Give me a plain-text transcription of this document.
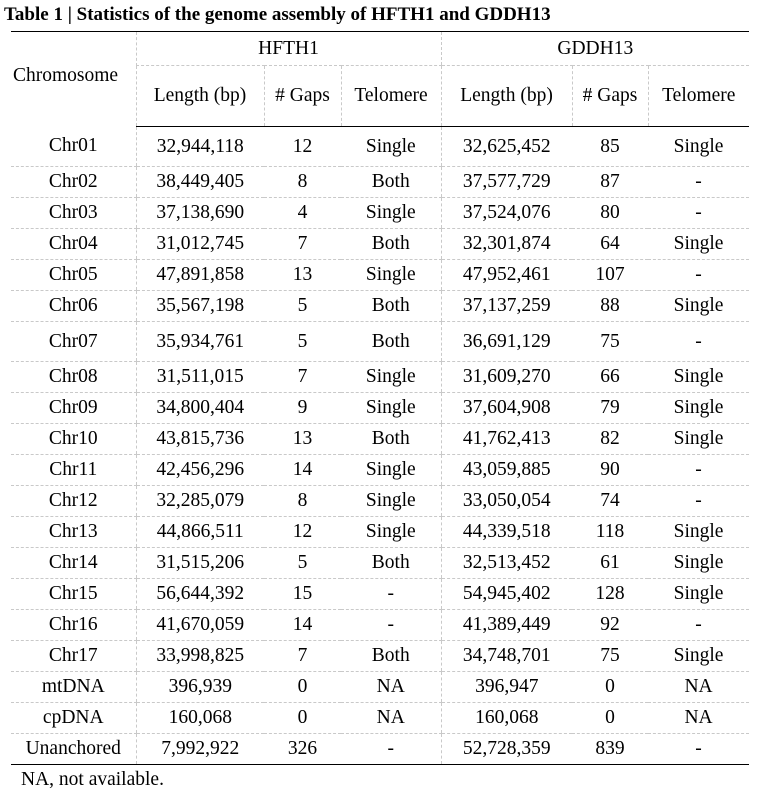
Table 1 | Statistics of the genome assembly of HFTH1 and GDDH13
Chromosome	HFTH1			GDDH13		
	Length (bp)	# Gaps	Telomere	Length (bp)	# Gaps	Telomere
Chr01	32,944,118	12	Single	32,625,452	85	Single
Chr02	38,449,405	8	Both	37,577,729	87	-
Chr03	37,138,690	4	Single	37,524,076	80	-
Chr04	31,012,745	7	Both	32,301,874	64	Single
Chr05	47,891,858	13	Single	47,952,461	107	-
Chr06	35,567,198	5	Both	37,137,259	88	Single
Chr07	35,934,761	5	Both	36,691,129	75	-
Chr08	31,511,015	7	Single	31,609,270	66	Single
Chr09	34,800,404	9	Single	37,604,908	79	Single
Chr10	43,815,736	13	Both	41,762,413	82	Single
Chr11	42,456,296	14	Single	43,059,885	90	-
Chr12	32,285,079	8	Single	33,050,054	74	-
Chr13	44,866,511	12	Single	44,339,518	118	Single
Chr14	31,515,206	5	Both	32,513,452	61	Single
Chr15	56,644,392	15	-	54,945,402	128	Single
Chr16	41,670,059	14	-	41,389,449	92	-
Chr17	33,998,825	7	Both	34,748,701	75	Single
mtDNA	396,939	0	NA	396,947	0	NA
cpDNA	160,068	0	NA	160,068	0	NA
Unanchored	7,992,922	326	-	52,728,359	839	-
NA, not available.
